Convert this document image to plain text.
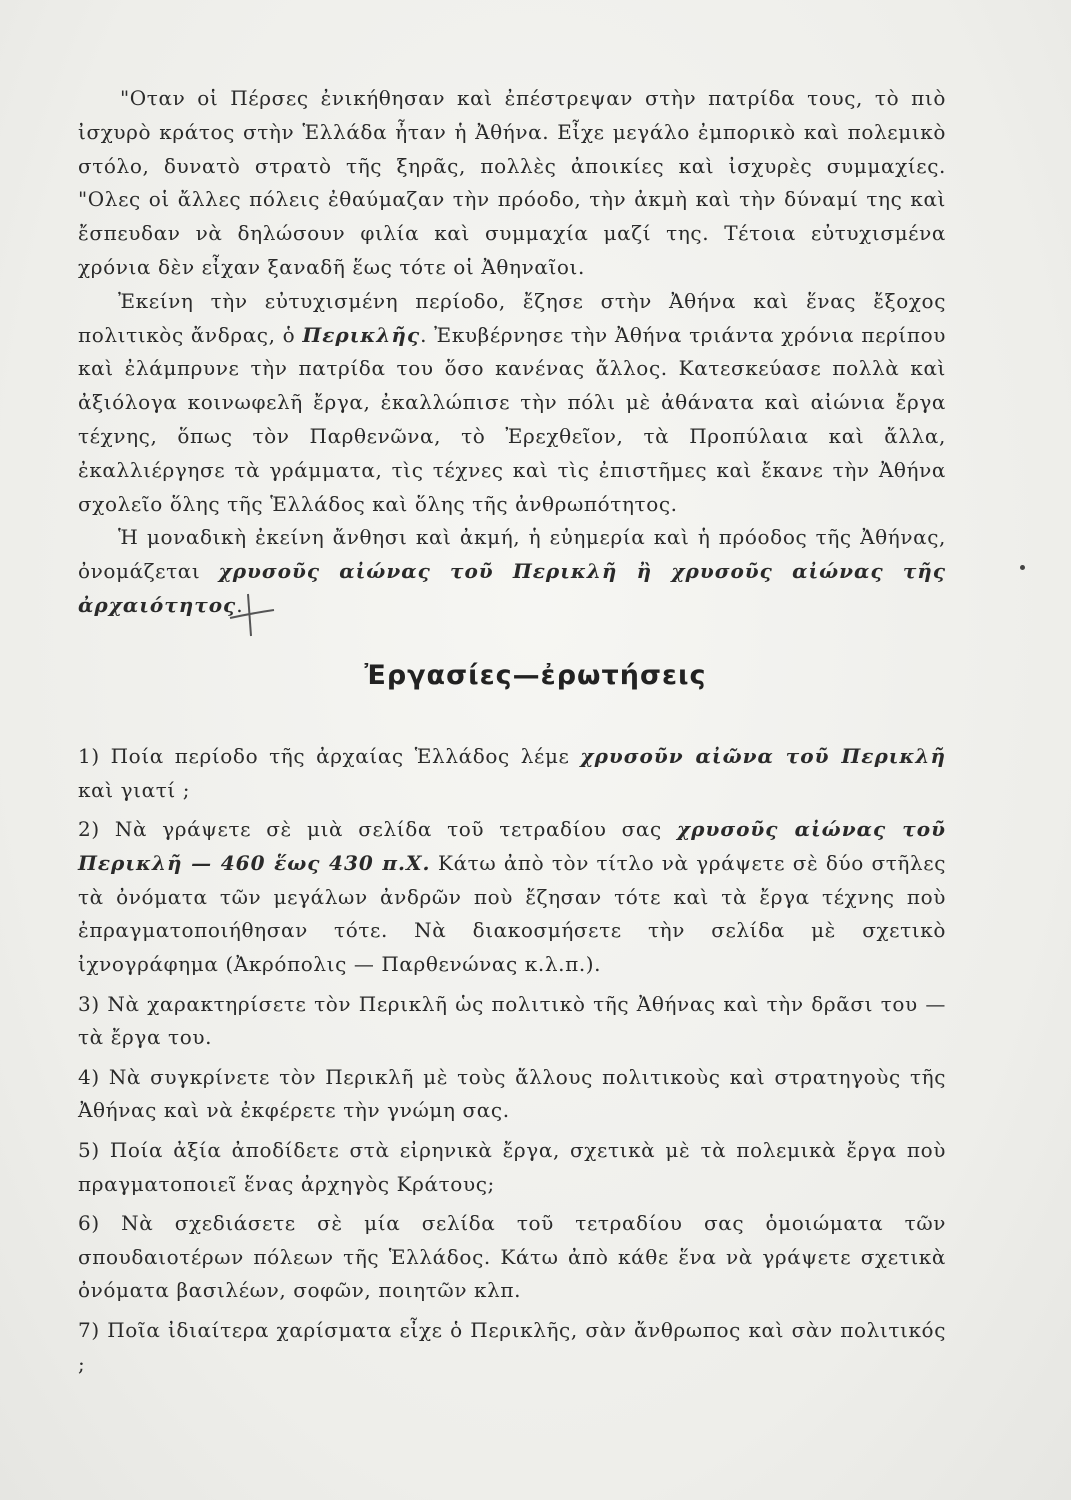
"Οταν οἱ Πέρσες ἐνικήθησαν καὶ ἐπέστρεψαν στὴν πατρίδα τους, τὸ πιὸ ἰσχυρὸ κράτος στὴν Ἑλλάδα ἦταν ἡ Ἀθήνα. Εἶχε μεγάλο ἐμπορικὸ καὶ πολεμικὸ στόλο, δυνατὸ στρατὸ τῆς ξηρᾶς, πολλὲς ἀποικίες καὶ ἰσχυρὲς συμμαχίες. "Ολες οἱ ἄλλες πόλεις ἐθαύμαζαν τὴν πρόοδο, τὴν ἀκμὴ καὶ τὴν δύναμί της καὶ ἔσπευδαν νὰ δηλώσουν φιλία καὶ συμμαχία μαζί της. Τέτοια εὐτυχισμένα χρόνια δὲν εἶχαν ξαναδῆ ἕως τότε οἱ Ἀθηναῖοι.

Ἐκείνη τὴν εὐτυχισμένη περίοδο, ἔζησε στὴν Ἀθήνα καὶ ἕνας ἔξοχος πολιτικὸς ἄνδρας, ὁ Περικλῆς. Ἐκυβέρνησε τὴν Ἀθήνα τριάντα χρόνια περίπου καὶ ἐλάμπρυνε τὴν πατρίδα του ὅσο κανένας ἄλλος. Κατεσκεύασε πολλὰ καὶ ἀξιόλογα κοινωφελῆ ἔργα, ἐκαλλώπισε τὴν πόλι μὲ ἀθάνατα καὶ αἰώνια ἔργα τέχνης, ὅπως τὸν Παρθενῶνα, τὸ Ἐρεχθεῖον, τὰ Προπύλαια καὶ ἄλλα, ἐκαλλιέργησε τὰ γράμματα, τὶς τέχνες καὶ τὶς ἐπιστῆμες καὶ ἔκανε τὴν Ἀθήνα σχολεῖο ὅλης τῆς Ἑλλάδος καὶ ὅλης τῆς ἀνθρωπότητος.

Ἡ μοναδικὴ ἐκείνη ἄνθησι καὶ ἀκμή, ἡ εὐημερία καὶ ἡ πρόοδος τῆς Ἀθήνας, ὀνομάζεται χρυσοῦς αἰώνας τοῦ Περικλῆ ἢ χρυσοῦς αἰώνας τῆς ἀρχαιότητος.

Ἐργασίες—ἐρωτήσεις

1) Ποία περίοδο τῆς ἀρχαίας Ἑλλάδος λέμε χρυσοῦν αἰῶνα τοῦ Περικλῆ καὶ γιατί ;

2) Νὰ γράψετε σὲ μιὰ σελίδα τοῦ τετραδίου σας χρυσοῦς αἰώνας τοῦ Περικλῆ — 460 ἕως 430 π.Χ. Κάτω ἀπὸ τὸν τίτλο νὰ γράψετε σὲ δύο στῆλες τὰ ὀνόματα τῶν μεγάλων ἀνδρῶν ποὺ ἔζησαν τότε καὶ τὰ ἔργα τέχνης ποὺ ἐπραγματοποιήθησαν τότε. Νὰ διακοσμήσετε τὴν σελίδα μὲ σχετικὸ ἰχνογράφημα (Ἀκρόπολις — Παρθενώνας κ.λ.π.).

3) Νὰ χαρακτηρίσετε τὸν Περικλῆ ὡς πολιτικὸ τῆς Ἀθήνας καὶ τὴν δρᾶσι του — τὰ ἔργα του.

4) Νὰ συγκρίνετε τὸν Περικλῆ μὲ τοὺς ἄλλους πολιτικοὺς καὶ στρατηγοὺς τῆς Ἀθήνας καὶ νὰ ἐκφέρετε τὴν γνώμη σας.

5) Ποία ἀξία ἀποδίδετε στὰ εἰρηνικὰ ἔργα, σχετικὰ μὲ τὰ πολεμικὰ ἔργα ποὺ πραγματοποιεῖ ἕνας ἀρχηγὸς Κράτους;

6) Νὰ σχεδιάσετε σὲ μία σελίδα τοῦ τετραδίου σας ὁμοιώματα τῶν σπουδαιοτέρων πόλεων τῆς Ἑλλάδος. Κάτω ἀπὸ κάθε ἕνα νὰ γράψετε σχετικὰ ὀνόματα βασιλέων, σοφῶν, ποιητῶν κλπ.

7) Ποῖα ἰδιαίτερα χαρίσματα εἶχε ὁ Περικλῆς, σὰν ἄνθρωπος καὶ σὰν πολιτικός ;
